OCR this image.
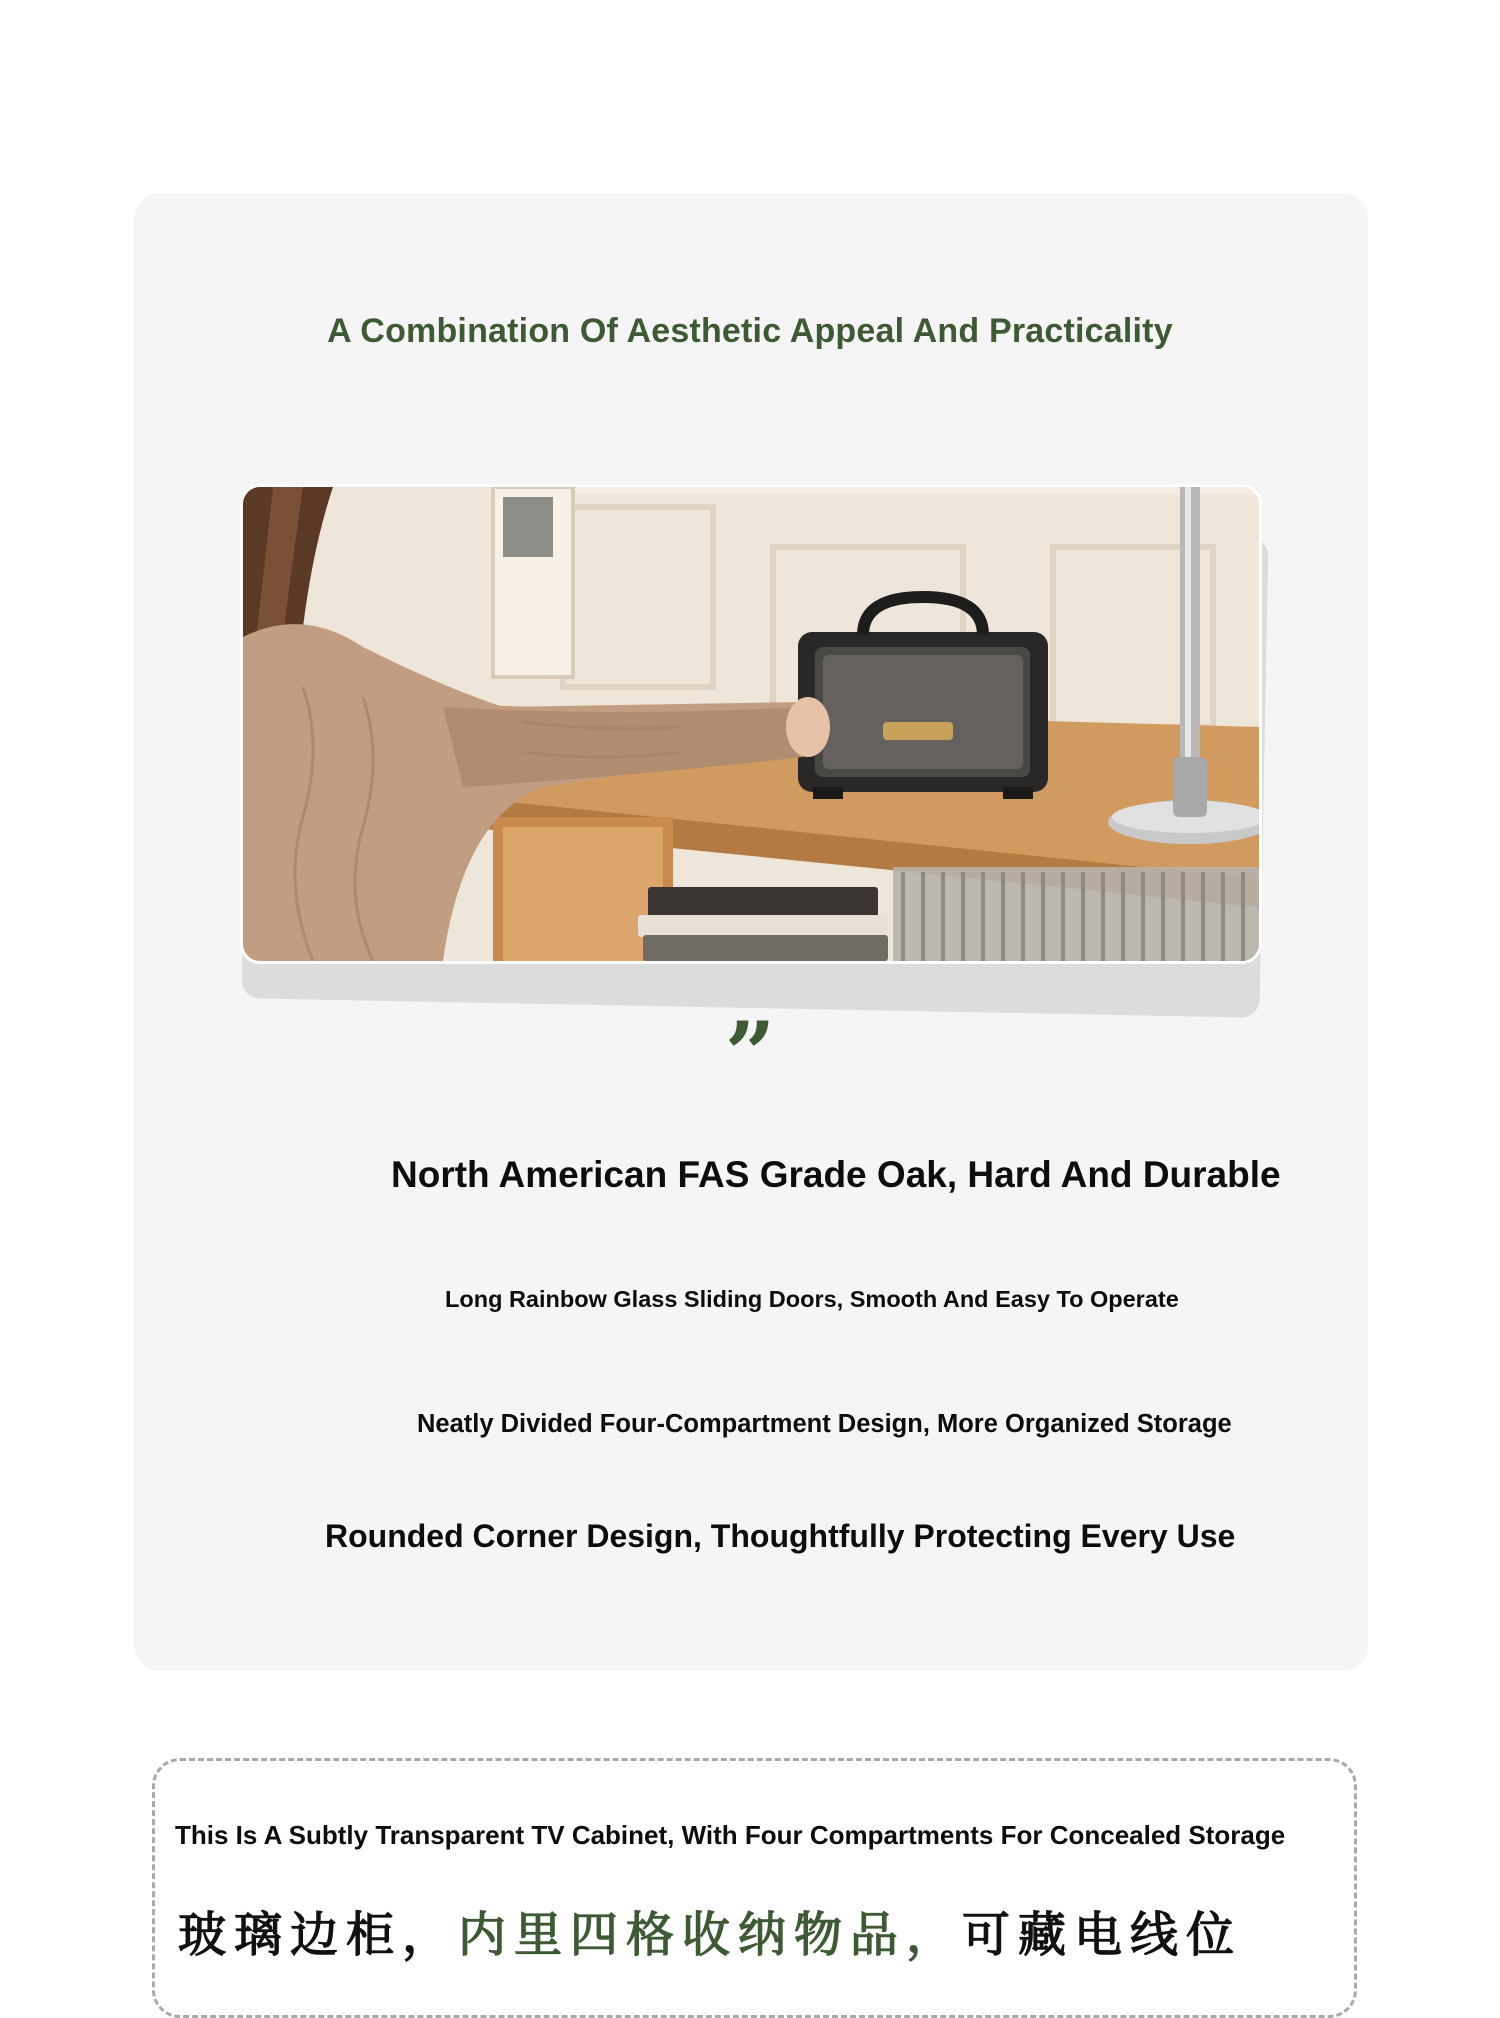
A Combination Of Aesthetic Appeal And Practicality
”
North American FAS Grade Oak, Hard And Durable
Long Rainbow Glass Sliding Doors, Smooth And Easy To Operate
Neatly Divided Four-Compartment Design, More Organized Storage
Rounded Corner Design, Thoughtfully Protecting Every Use
This Is A Subtly Transparent TV Cabinet, With Four Compartments For Concealed Storage
玻璃边柜，内里四格收纳物品，可藏电线位
